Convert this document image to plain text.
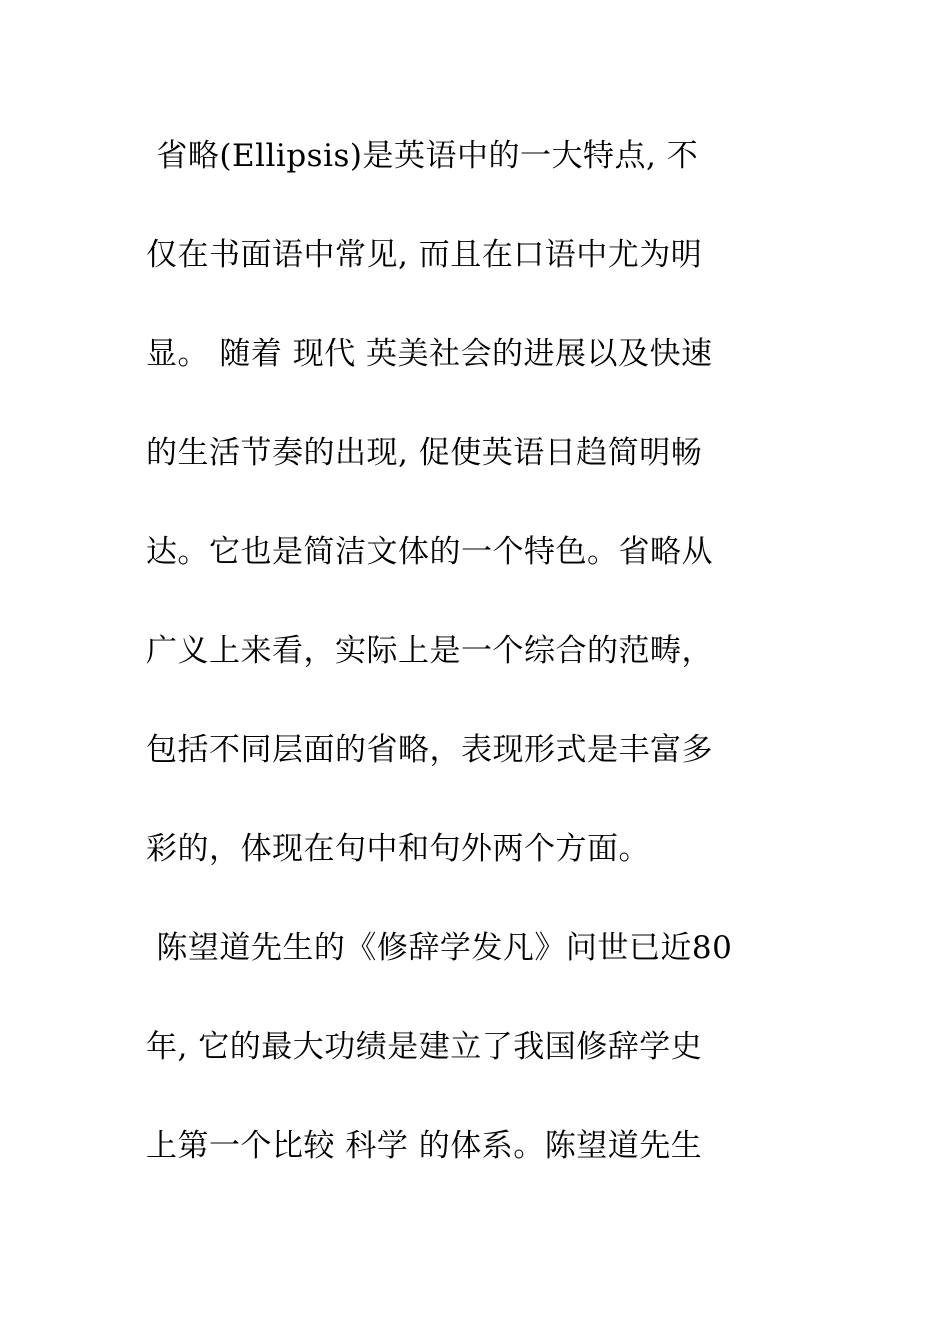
省略(Ellipsis)是英语中的一大特点, 不
仅在书面语中常见, 而且在口语中尤为明
显。 随着 现代 英美社会的进展以及快速
的生活节奏的出现, 促使英语日趋简明畅
达。它也是简洁文体的一个特色。省略从
广义上来看，实际上是一个综合的范畴，
包括不同层面的省略，表现形式是丰富多
彩的，体现在句中和句外两个方面。
陈望道先生的《修辞学发凡》问世已近80
年, 它的最大功绩是建立了我国修辞学史
上第一个比较 科学 的体系。陈望道先生
